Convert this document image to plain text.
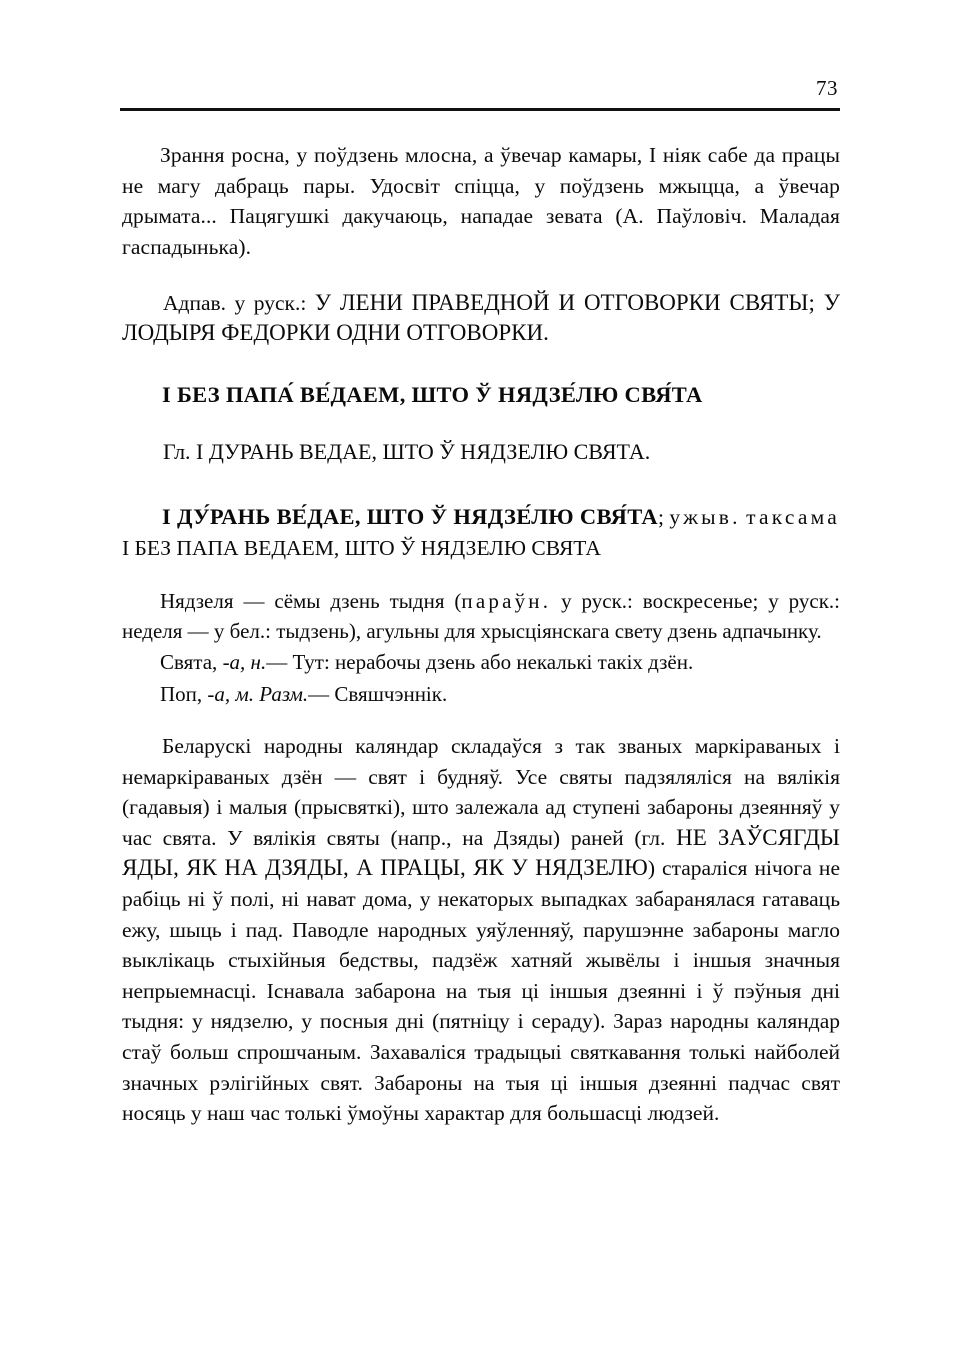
73

Зрання росна, у поўдзень млосна, а ўвечар камары, І ніяк сабе да працы не магу дабраць пары. Удосвіт спіцца, у поўдзень мжыцца, а ўвечар дрымата... Пацягушкі дакучаюць, нападае зевата (А. Паўловіч. Маладая гаспадынька).

Адпав. у руск.: У ЛЕНИ ПРАВЕДНОЙ И ОТГОВОРКИ СВЯТЫ; У ЛОДЫРЯ ФЕДОРКИ ОДНИ ОТГОВОРКИ.

І БЕЗ ПАПА́ ВЕ́ДАЕМ, ШТО Ў НЯДЗЕ́ЛЮ СВЯ́ТА

Гл. І ДУРАНЬ ВЕДАЕ, ШТО Ў НЯДЗЕЛЮ СВЯТА.

І ДУ́РАНЬ ВЕ́ДАЕ, ШТО Ў НЯДЗЕ́ЛЮ СВЯ́ТА; ужыв. таксама І БЕЗ ПАПА ВЕДАЕМ, ШТО Ў НЯДЗЕЛЮ СВЯТА

Нядзеля — сёмы дзень тыдня (параўн. у руск.: воскресенье; у руск.: неделя — у бел.: тыдзень), агульны для хрысціянскага свету дзень адпачынку.

Свята, -а, н.— Тут: нерабочы дзень або некалькі такіх дзён.

Поп, -а, м. Разм.— Свяшчэннік.

Беларускі народны каляндар складаўся з так званых маркіраваных і немаркіраваных дзён — свят і будняў. Усе святы падзяляліся на вялікія (гадавыя) і малыя (прысвяткі), што залежала ад ступені забароны дзеянняў у час свята. У вялікія святы (напр., на Дзяды) раней (гл. НЕ ЗАЎСЯГДЫ ЯДЫ, ЯК НА ДЗЯДЫ, А ПРАЦЫ, ЯК У НЯДЗЕЛЮ) стараліся нічога не рабіць ні ў полі, ні нават дома, у некаторых выпадках забаранялася гатаваць ежу, шыць і пад. Паводле народных уяўленняў, парушэнне забароны магло выклікаць стыхійныя бедствы, падзёж хатняй жывёлы і іншыя значныя непрыемнасці. Існавала забарона на тыя ці іншыя дзеянні і ў пэўныя дні тыдня: у нядзелю, у посныя дні (пятніцу і сераду). Зараз народны каляндар стаў больш спрошчаным. Захаваліся традыцыі святкавання толькі найболей значных рэлігійных свят. Забароны на тыя ці іншыя дзеянні падчас свят носяць у наш час толькі ўмоўны характар для большасці людзей.
